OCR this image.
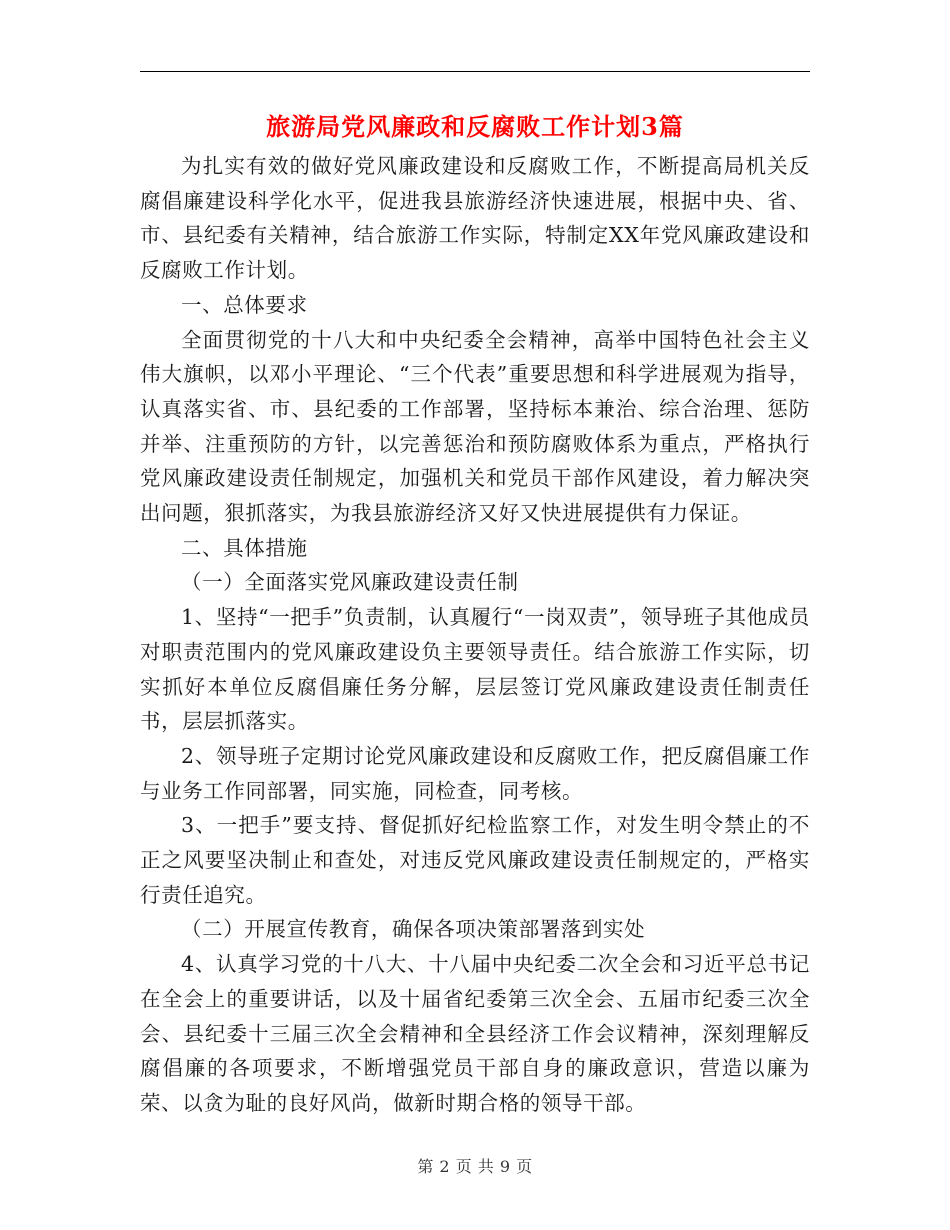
旅游局党风廉政和反腐败工作计划3篇

为扎实有效的做好党风廉政建设和反腐败工作，不断提高局机关反腐倡廉建设科学化水平，促进我县旅游经济快速进展，根据中央、省、市、县纪委有关精神，结合旅游工作实际，特制定XX年党风廉政建设和反腐败工作计划。

一、总体要求

全面贯彻党的十八大和中央纪委全会精神，高举中国特色社会主义伟大旗帜，以邓小平理论、“三个代表”重要思想和科学进展观为指导，认真落实省、市、县纪委的工作部署，坚持标本兼治、综合治理、惩防并举、注重预防的方针，以完善惩治和预防腐败体系为重点，严格执行党风廉政建设责任制规定，加强机关和党员干部作风建设，着力解决突出问题，狠抓落实，为我县旅游经济又好又快进展提供有力保证。

二、具体措施

（一）全面落实党风廉政建设责任制

1、坚持“一把手”负责制，认真履行“一岗双责”，领导班子其他成员对职责范围内的党风廉政建设负主要领导责任。结合旅游工作实际，切实抓好本单位反腐倡廉任务分解，层层签订党风廉政建设责任制责任书，层层抓落实。

2、领导班子定期讨论党风廉政建设和反腐败工作，把反腐倡廉工作与业务工作同部署，同实施，同检查，同考核。

3、一把手”要支持、督促抓好纪检监察工作，对发生明令禁止的不正之风要坚决制止和查处，对违反党风廉政建设责任制规定的，严格实行责任追究。

（二）开展宣传教育，确保各项决策部署落到实处

4、认真学习党的十八大、十八届中央纪委二次全会和习近平总书记在全会上的重要讲话，以及十届省纪委第三次全会、五届市纪委三次全会、县纪委十三届三次全会精神和全县经济工作会议精神，深刻理解反腐倡廉的各项要求，不断增强党员干部自身的廉政意识，营造以廉为荣、以贪为耻的良好风尚，做新时期合格的领导干部。

第 2 页 共 9 页
